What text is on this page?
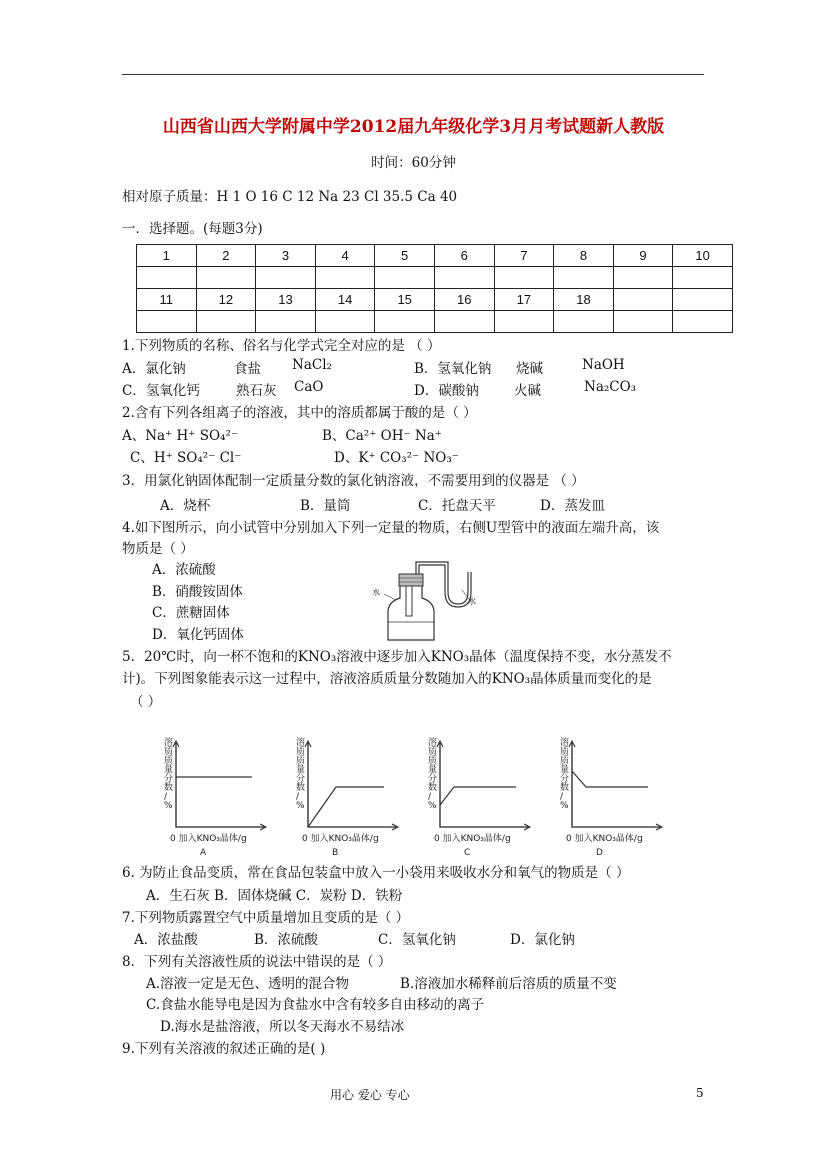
山西省山西大学附属中学2012届九年级化学3月月考试题新人教版
时间：60分钟
相对原子质量：H 1 O 16 C 12 Na 23 Cl 35.5 Ca 40
一．选择题。(每题3分)
1	2	3	4	5	6	7	8	9	10

11	12	13	14	15	16	17	18		

1.下列物质的名称、俗名与化学式完全对应的是 （ ）
A．氯化钠	食盐 NaCl₂	B．氢氧化钠 烧碱	NaOH
C．氢氧化钙	熟石灰 CaO	D．碳酸钠	火碱	Na₂CO₃
2.含有下列各组离子的溶液，其中的溶质都属于酸的是（ ）
A、Na⁺ H⁺ SO₄²⁻	B、Ca²⁺ OH⁻ Na⁺
C、H⁺ SO₄²⁻ Cl⁻	D、K⁺ CO₃²⁻ NO₃⁻
3．用氯化钠固体配制一定质量分数的氯化钠溶液，不需要用到的仪器是 （ ）
A．烧杯	B．量筒	C．托盘天平	D．蒸发皿
4.如下图所示，向小试管中分别加入下列一定量的物质，右侧U型管中的液面左端升高，该
物质是（ ）
A．浓硫酸
B．硝酸铵固体
C．蔗糖固体
D．氧化钙固体
水
水
5．20℃时，向一杯不饱和的KNO₃溶液中逐步加入KNO₃晶体（温度保持不变，水分蒸发不
计)。下列图象能表示这一过程中，溶液溶质质量分数随加入的KNO₃晶体质量而变化的是
（ ）
溶质质量分数/ %
0 加入KNO₃晶体/g
A
溶质质量分数/ %
0 加入KNO₃晶体/g
B
溶质质量分数/ %
0 加入KNO₃晶体/g
C
溶质质量分数/ %
0 加入KNO₃晶体/g
D
6. 为防止食品变质，常在食品包装盒中放入一小袋用来吸收水分和氧气的物质是（ ）
A．生石灰 B．固体烧碱 C．炭粉 D．铁粉
7.下列物质露置空气中质量增加且变质的是（ ）
A．浓盐酸	B．浓硫酸	C．氢氧化钠	D．氯化钠
8．下列有关溶液性质的说法中错误的是（ ）
A.溶液一定是无色、透明的混合物	B.溶液加水稀释前后溶质的质量不变
C.食盐水能导电是因为食盐水中含有较多自由移动的离子
D.海水是盐溶液，所以冬天海水不易结冰
9.下列有关溶液的叙述正确的是( )
用心 爱心 专心	5
